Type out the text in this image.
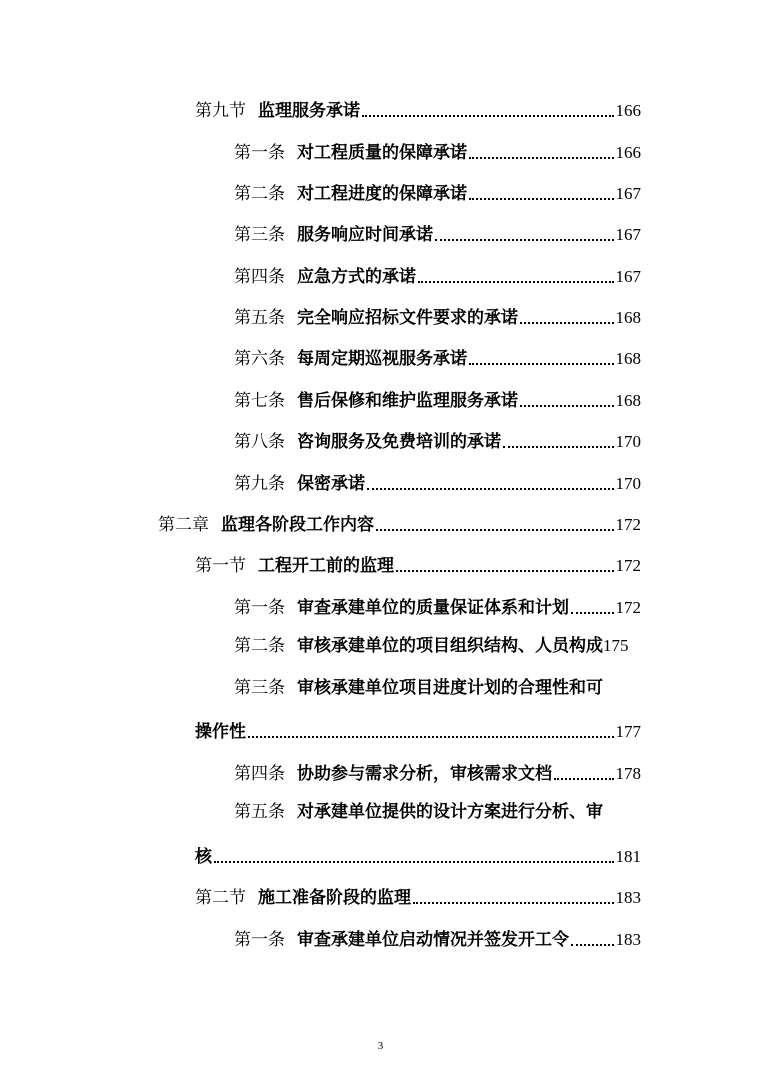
第九节 监理服务承诺	166
第一条 对工程质量的保障承诺	166
第二条 对工程进度的保障承诺	167
第三条 服务响应时间承诺	167
第四条 应急方式的承诺	167
第五条 完全响应招标文件要求的承诺	168
第六条 每周定期巡视服务承诺	168
第七条 售后保修和维护监理服务承诺	168
第八条 咨询服务及免费培训的承诺	170
第九条 保密承诺	170
第二章 监理各阶段工作内容	172
第一节 工程开工前的监理	172
第一条 审查承建单位的质量保证体系和计划	172
第二条 审核承建单位的项目组织结构、人员构成175
第三条 审核承建单位项目进度计划的合理性和可
操作性	177
第四条 协助参与需求分析，审核需求文档	178
第五条 对承建单位提供的设计方案进行分析、审
核	181
第二节 施工准备阶段的监理	183
第一条 审查承建单位启动情况并签发开工令	183
3
